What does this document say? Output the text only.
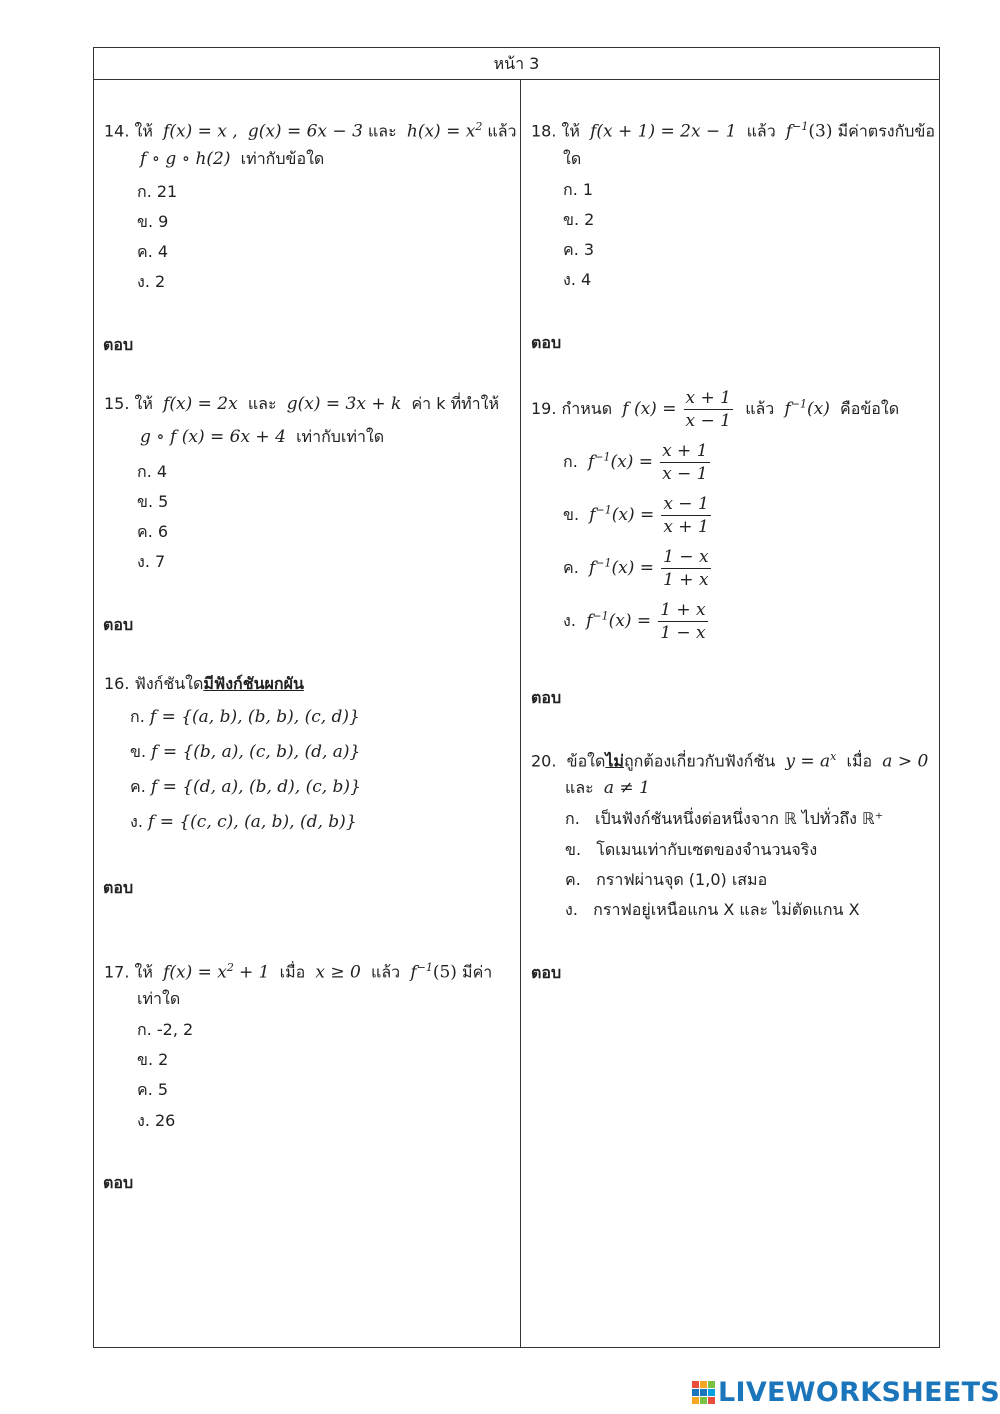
หน้า 3
14. ให้ f(x) = x , g(x) = 6x − 3 และ $h(x) = x^2$ แล้ว
f ∘ g ∘ h(2) เท่ากับข้อใด
ก. 21
ข. 9
ค. 4
ง. 2
ตอบ
15. ให้ f(x) = 2x และ g(x) = 3x + k ค่า k ที่ทำให้
g ∘ f (x) = 6x + 4 เท่ากับเท่าใด
ก. 4
ข. 5
ค. 6
ง. 7
ตอบ
16. ฟังก์ชันใดมีฟังก์ชันผกผัน
ก. f = {(a, b), (b, b), (c, d)}
ข. f = {(b, a), (c, b), (d, a)}
ค. f = {(d, a), (b, d), (c, b)}
ง. f = {(c, c), (a, b), (d, b)}
ตอบ
17. ให้ $f(x) = x^2 + 1$ เมื่อ x ≥ 0 แล้ว $f^{-1}(5)$ มีค่า
เท่าใด
ก. -2, 2
ข. 2
ค. 5
ง. 26
ตอบ
18. ให้ f(x + 1) = 2x − 1 แล้ว $f^{-1}(3)$ มีค่าตรงกับข้อ
ใด
ก. 1
ข. 2
ค. 3
ง. 4
ตอบ
19. กำหนด f $(x) = \frac{x + 1}{x - 1}$ แล้ว $f^{-1}(x)$ คือข้อใด
ก. $f^{-1}(x) = \frac{x + 1}{x - 1}$
ข. $f^{-1}(x) = \frac{x - 1}{x + 1}$
ค. $f^{-1}(x) = \frac{1 - x}{1 + x}$
ง. $f^{-1}(x) = \frac{1 + x}{1 - x}$
ตอบ
20. ข้อใดไม่ถูกต้องเกี่ยวกับฟังก์ชัน $y = a^x$ เมื่อ a > 0
และ a ≠ 1
ก. เป็นฟังก์ชันหนึ่งต่อหนึ่งจาก ℝ ไปทั่วถึง ℝ⁺
ข. โดเมนเท่ากับเซตของจำนวนจริง
ค. กราฟผ่านจุด (1,0) เสมอ
ง. กราฟอยู่เหนือแกน X และ ไม่ตัดแกน X
ตอบ
LIVEWORKSHEETS
